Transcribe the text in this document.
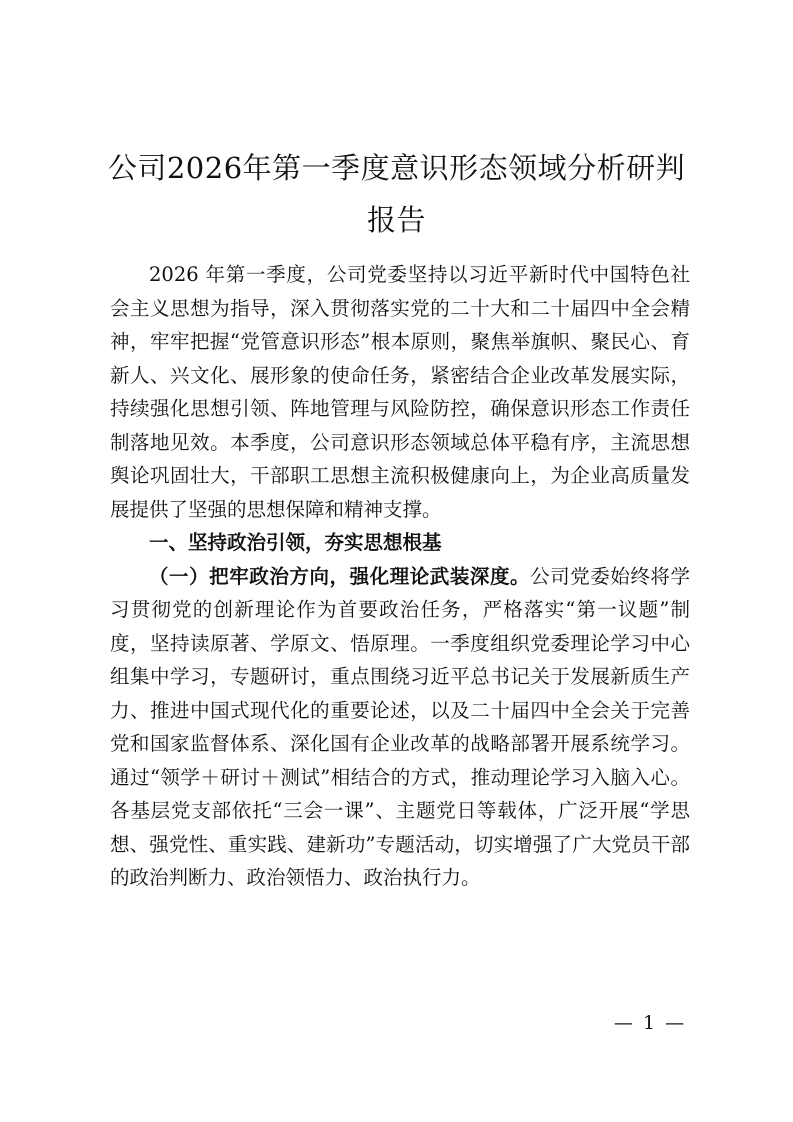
公司2026年第一季度意识形态领域分析研判报告

2026 年第一季度，公司党委坚持以习近平新时代中国特色社会主义思想为指导，深入贯彻落实党的二十大和二十届四中全会精神，牢牢把握“党管意识形态”根本原则，聚焦举旗帜、聚民心、育新人、兴文化、展形象的使命任务，紧密结合企业改革发展实际，持续强化思想引领、阵地管理与风险防控，确保意识形态工作责任制落地见效。本季度，公司意识形态领域总体平稳有序，主流思想舆论巩固壮大，干部职工思想主流积极健康向上，为企业高质量发展提供了坚强的思想保障和精神支撑。

一、坚持政治引领，夯实思想根基

（一）把牢政治方向，强化理论武装深度。公司党委始终将学习贯彻党的创新理论作为首要政治任务，严格落实“第一议题”制度，坚持读原著、学原文、悟原理。一季度组织党委理论学习中心组集中学习，专题研讨，重点围绕习近平总书记关于发展新质生产力、推进中国式现代化的重要论述，以及二十届四中全会关于完善党和国家监督体系、深化国有企业改革的战略部署开展系统学习。通过“领学＋研讨＋测试”相结合的方式，推动理论学习入脑入心。各基层党支部依托“三会一课”、主题党日等载体，广泛开展“学思想、强党性、重实践、建新功”专题活动，切实增强了广大党员干部的政治判断力、政治领悟力、政治执行力。

— 1 —
